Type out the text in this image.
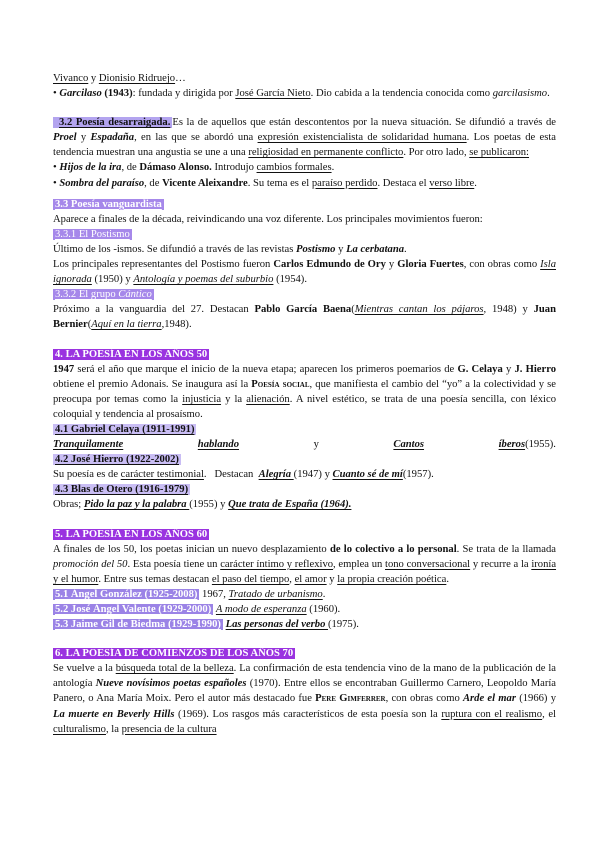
Vivanco y Dionisio Ridruejo…

• Garcilaso (1943): fundada y dirigida por José García Nieto. Dio cabida a la tendencia conocida como garcilasismo.

3.2 Poesía desarraigada. Es la de aquellos que están descontentos por la nueva situación. Se difundió a través de Proel y Espadaña, en las que se abordó una expresión existencialista de solidaridad humana. Los poetas de esta tendencia muestran una angustia se une a una religiosidad en permanente conflicto. Por otro lado, se publicaron:

• Hijos de la ira, de Dámaso Alonso. Introdujo cambios formales.

• Sombra del paraíso, de Vicente Aleixandre. Su tema es el paraíso perdido. Destaca el verso libre.

3.3 Poesía vanguardista

Aparece a finales de la década, reivindicando una voz diferente. Los principales movimientos fueron:

3.3.1 El Postismo

Último de los -ismos. Se difundió a través de las revistas Postismo y La cerbatana.

Los principales representantes del Postismo fueron Carlos Edmundo de Ory y Gloria Fuertes, con obras como Isla ignorada (1950) y Antología y poemas del suburbio (1954).

3.3.2 El grupo Cántico

Próximo a la vanguardia del 27. Destacan Pablo García Baena(Mientras cantan los pájaros, 1948) y Juan Bernier(Aquí en la tierra,1948).

4. LA POESÍA EN LOS AÑOS 50

1947 será el año que marque el inicio de la nueva etapa; aparecen los primeros poemarios de G. Celaya y J. Hierro obtiene el premio Adonais. Se inaugura así la Poesía social, que manifiesta el cambio del “yo” a la colectividad y se preocupa por temas como la injusticia y la alienación. A nivel estético, se trata de una poesía sencilla, con léxico coloquial y tendencia al prosaísmo.

4.1 Gabriel Celaya (1911-1991)

Tranquilamente	hablando	y	Cantos	íberos(1955).

4.2 José Hierro (1922-2002)

Su poesía es de carácter testimonial.   Destacan  Alegría (1947) y Cuanto sé de mí(1957).

4.3 Blas de Otero (1916-1979)

Obras; Pido la paz y la palabra (1955) y Que trata de España (1964).

5. LA POESÍA EN LOS AÑOS 60

A finales de los 50, los poetas inician un nuevo desplazamiento de lo colectivo a lo personal. Se trata de la llamada promoción del 50. Esta poesía tiene un carácter íntimo y reflexivo, emplea un tono conversacional y recurre a la ironía y el humor. Entre sus temas destacan el paso del tiempo, el amor y la propia creación poética.

5.1 Ángel González (1925-2008) 1967, Tratado de urbanismo.

5.2 José Ángel Valente (1929-2000) A modo de esperanza (1960).

5.3 Jaime Gil de Biedma (1929-1990) Las personas del verbo (1975).

6. LA POESÍA DE COMIENZOS DE LOS AÑOS 70

Se vuelve a la búsqueda total de la belleza. La confirmación de esta tendencia vino de la mano de la publicación de la antología Nueve novísimos poetas españoles (1970). Entre ellos se encontraban Guillermo Carnero, Leopoldo María Panero, o Ana María Moix. Pero el autor más destacado fue Pere Gimferrer, con obras como Arde el mar (1966) y La muerte en Beverly Hills (1969). Los rasgos más característicos de esta poesía son la ruptura con el realismo, el culturalismo, la presencia de la cultura
